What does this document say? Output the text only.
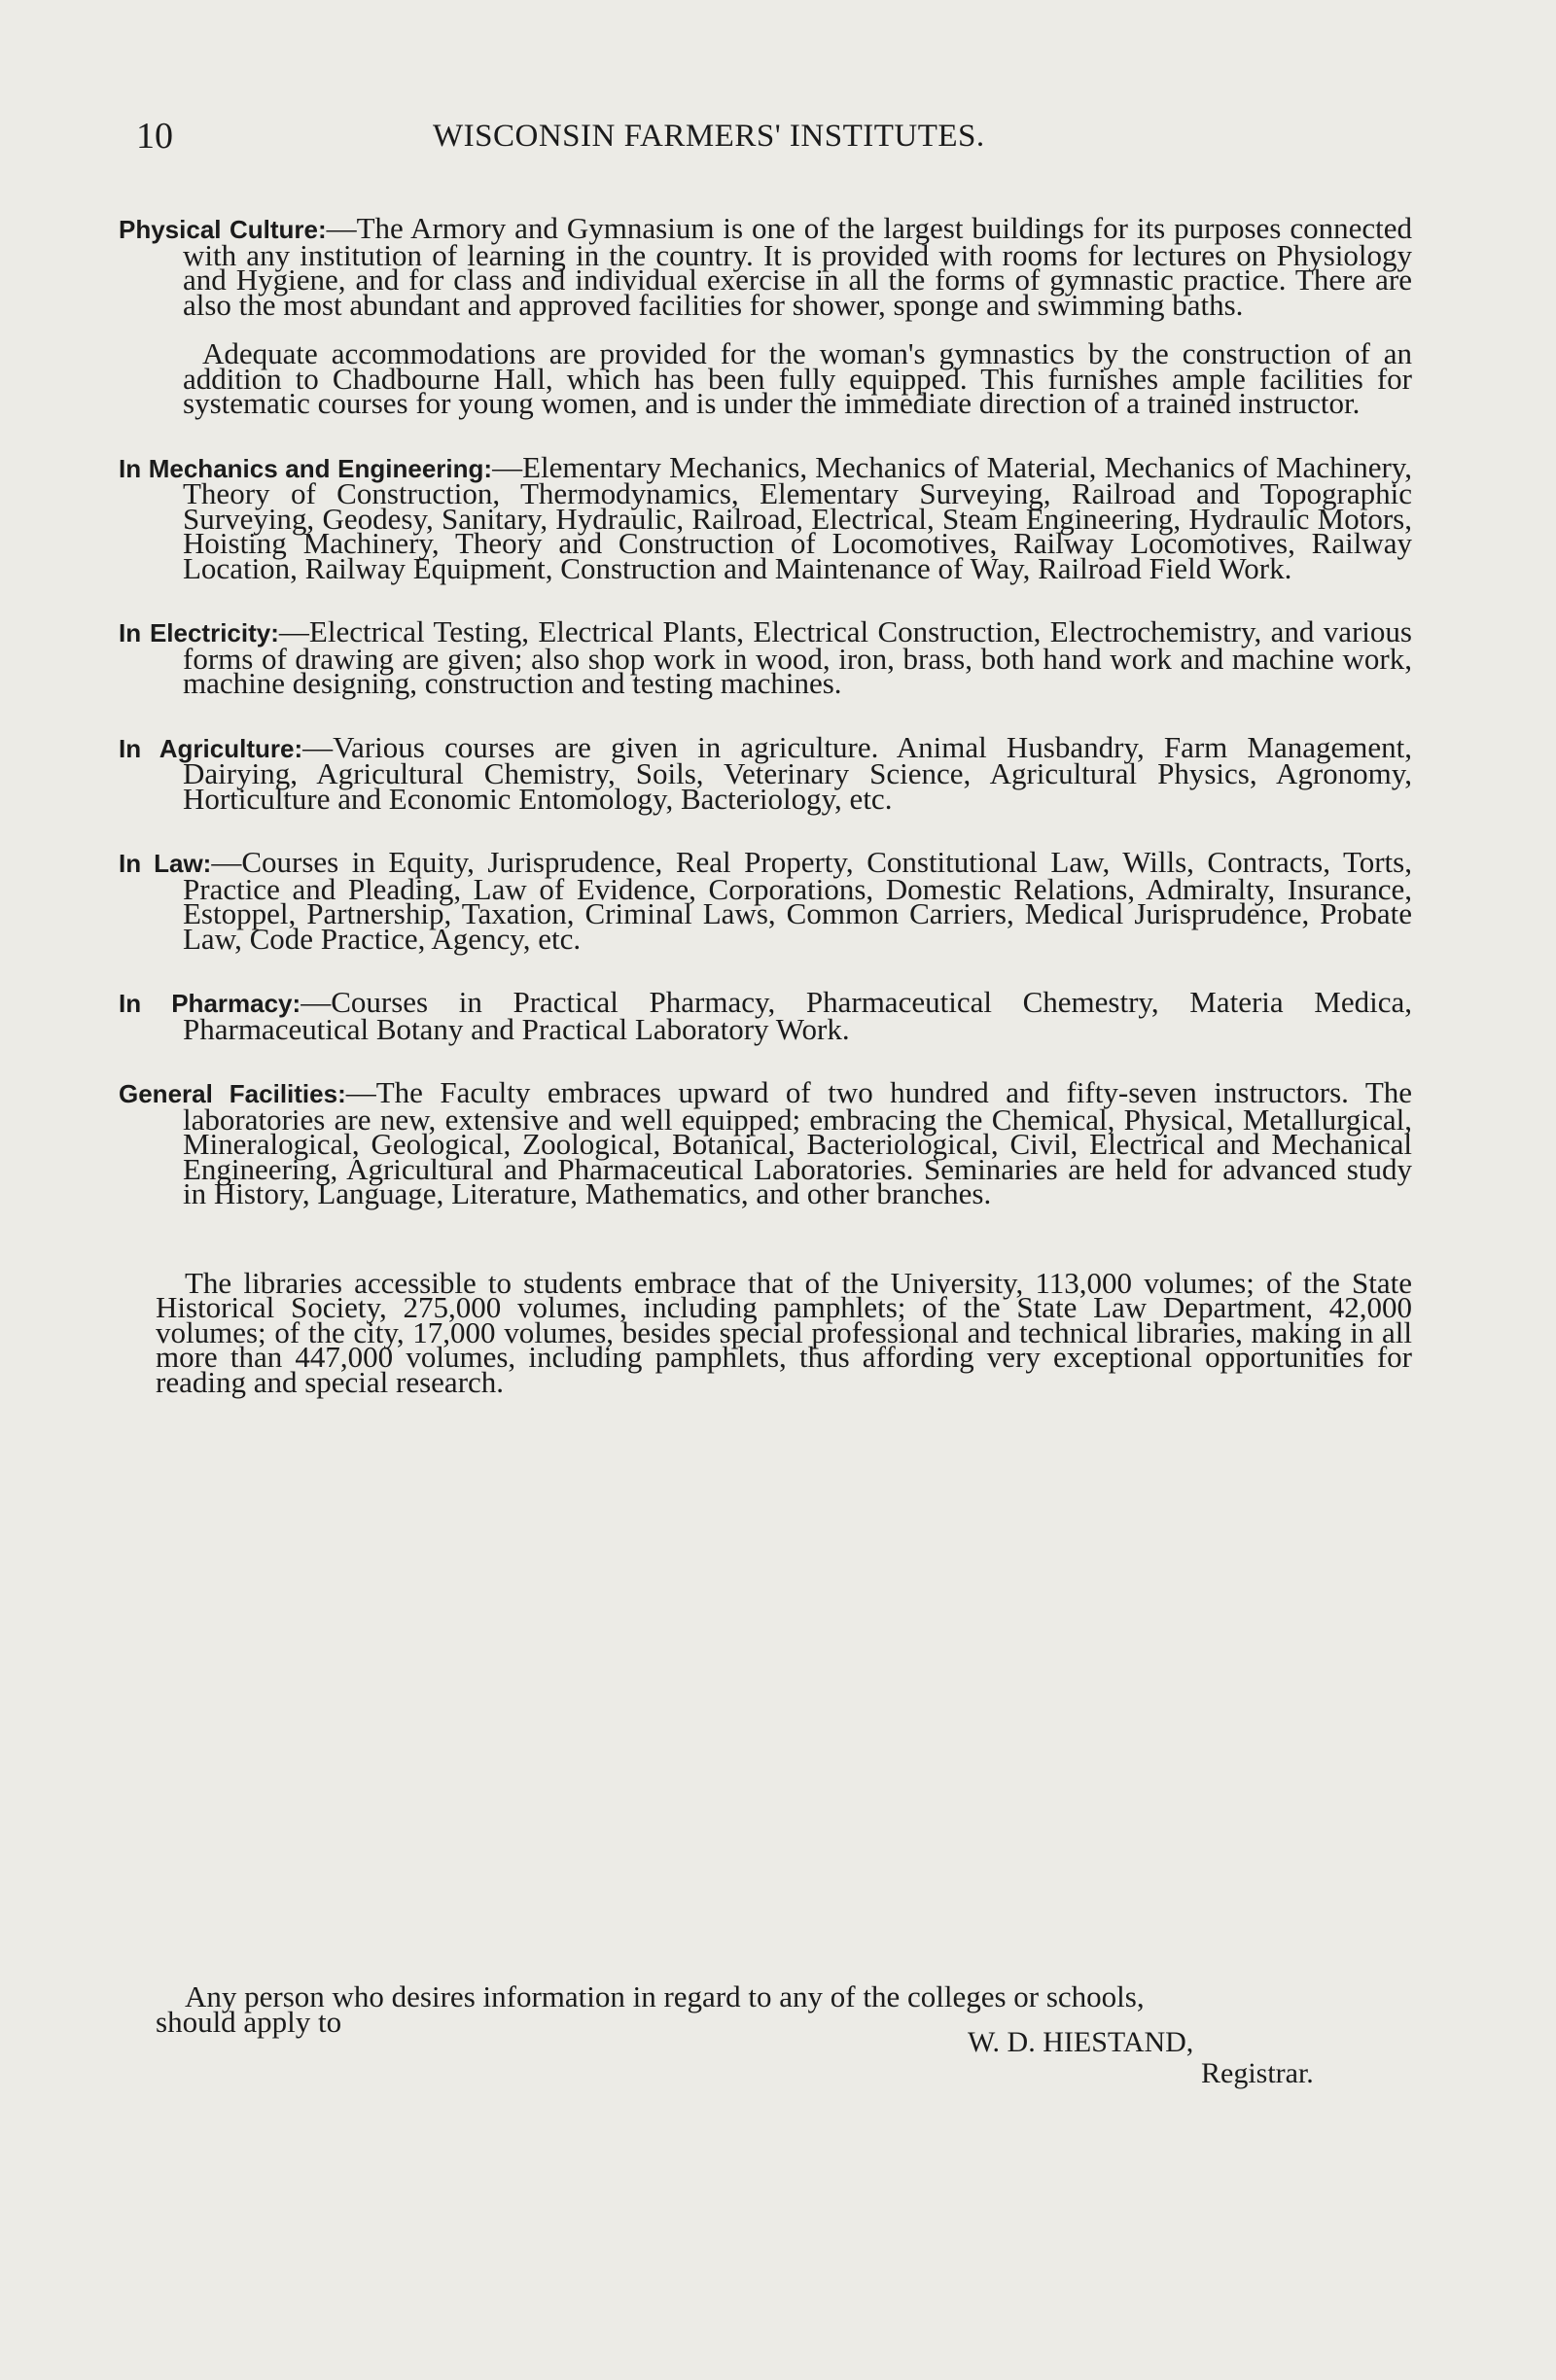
10	WISCONSIN FARMERS' INSTITUTES.

Physical Culture:—The Armory and Gymnasium is one of the largest buildings for its purposes connected with any institution of learning in the country. It is provided with rooms for lectures on Physiology and Hygiene, and for class and individual exercise in all the forms of gymnastic practice. There are also the most abundant and approved facilities for shower, sponge and swimming baths.

Adequate accommodations are provided for the woman's gymnastics by the construction of an addition to Chadbourne Hall, which has been fully equipped. This furnishes ample facilities for systematic courses for young women, and is under the immediate direction of a trained instructor.

In Mechanics and Engineering:—Elementary Mechanics, Mechanics of Material, Mechanics of Machinery, Theory of Construction, Thermodynamics, Elementary Surveying, Railroad and Topographic Surveying, Geodesy, Sanitary, Hydraulic, Railroad, Electrical, Steam Engineering, Hydraulic Motors, Hoisting Machinery, Theory and Construction of Locomotives, Railway Locomotives, Railway Location, Railway Equipment, Construction and Maintenance of Way, Railroad Field Work.

In Electricity:—Electrical Testing, Electrical Plants, Electrical Construction, Electrochemistry, and various forms of drawing are given; also shop work in wood, iron, brass, both hand work and machine work, machine designing, construction and testing machines.

In Agriculture:—Various courses are given in agriculture. Animal Husbandry, Farm Management, Dairying, Agricultural Chemistry, Soils, Veterinary Science, Agricultural Physics, Agronomy, Horticulture and Economic Entomology, Bacteriology, etc.

In Law:—Courses in Equity, Jurisprudence, Real Property, Constitutional Law, Wills, Contracts, Torts, Practice and Pleading, Law of Evidence, Corporations, Domestic Relations, Admiralty, Insurance, Estoppel, Partnership, Taxation, Criminal Laws, Common Carriers, Medical Jurisprudence, Probate Law, Code Practice, Agency, etc.

In Pharmacy:—Courses in Practical Pharmacy, Pharmaceutical Chemestry, Materia Medica, Pharmaceutical Botany and Practical Laboratory Work.

General Facilities:—The Faculty embraces upward of two hundred and fifty-seven instructors. The laboratories are new, extensive and well equipped; embracing the Chemical, Physical, Metallurgical, Mineralogical, Geological, Zoological, Botanical, Bacteriological, Civil, Electrical and Mechanical Engineering, Agricultural and Pharmaceutical Laboratories. Seminaries are held for advanced study in History, Language, Literature, Mathematics, and other branches.

The libraries accessible to students embrace that of the University, 113,000 volumes; of the State Historical Society, 275,000 volumes, including pamphlets; of the State Law Department, 42,000 volumes; of the city, 17,000 volumes, besides special professional and technical libraries, making in all more than 447,000 volumes, including pamphlets, thus affording very exceptional opportunities for reading and special research.

Any person who desires information in regard to any of the colleges or schools,
should apply to
W. D. HIESTAND,
Registrar.
